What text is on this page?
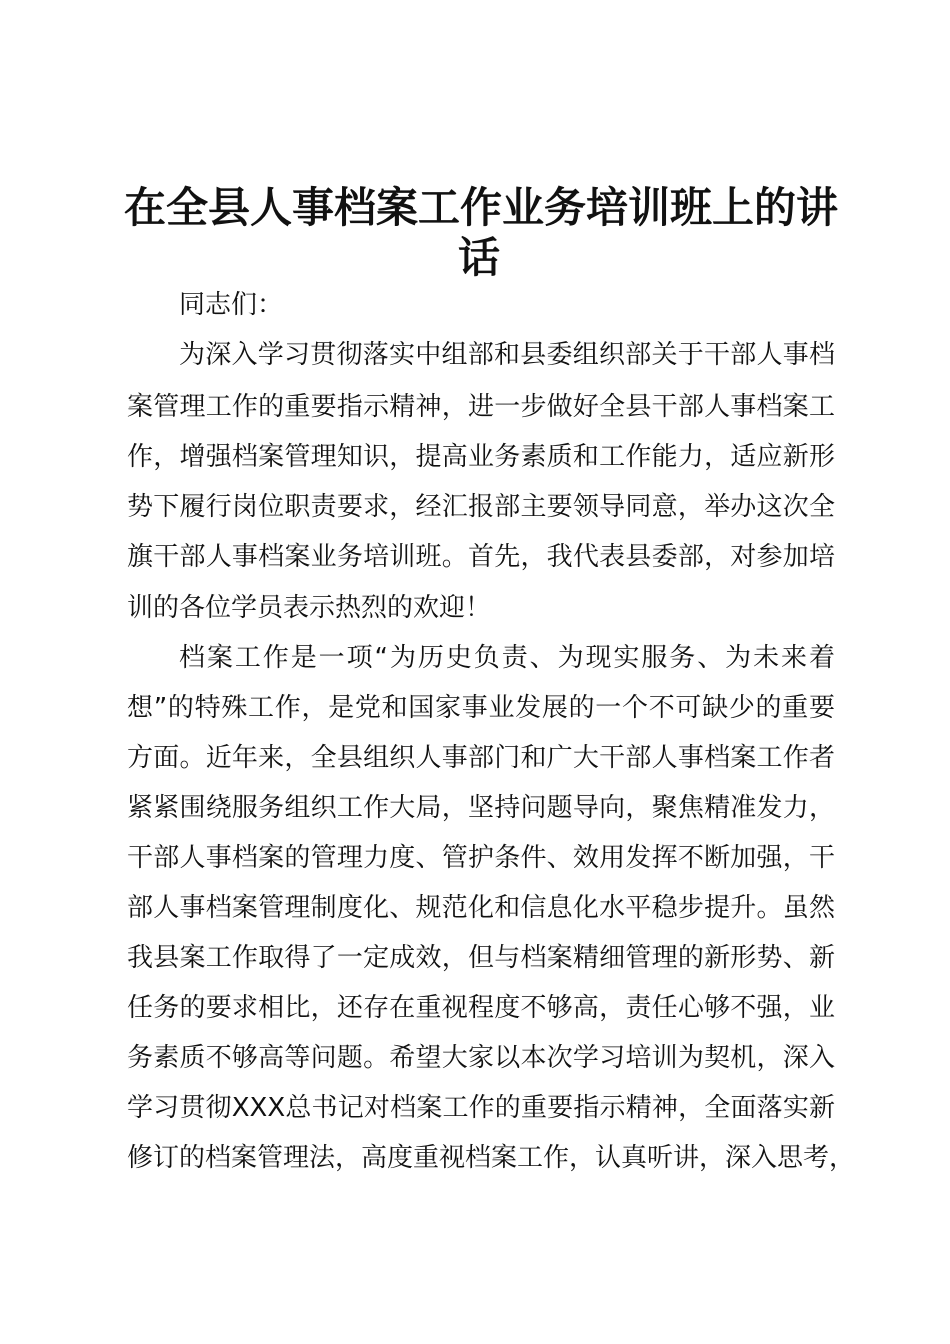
在全县人事档案工作业务培训班上的讲
话
同志们：
为深入学习贯彻落实中组部和县委组织部关于干部人事档
案管理工作的重要指示精神，进一步做好全县干部人事档案工
作，增强档案管理知识，提高业务素质和工作能力，适应新形
势下履行岗位职责要求，经汇报部主要领导同意，举办这次全
旗干部人事档案业务培训班。首先，我代表县委部，对参加培
训的各位学员表示热烈的欢迎！
档案工作是一项“为历史负责、为现实服务、为未来着
想”的特殊工作，是党和国家事业发展的一个不可缺少的重要
方面。近年来，全县组织人事部门和广大干部人事档案工作者
紧紧围绕服务组织工作大局，坚持问题导向，聚焦精准发力，
干部人事档案的管理力度、管护条件、效用发挥不断加强，干
部人事档案管理制度化、规范化和信息化水平稳步提升。虽然
我县案工作取得了一定成效，但与档案精细管理的新形势、新
任务的要求相比，还存在重视程度不够高，责任心够不强，业
务素质不够高等问题。希望大家以本次学习培训为契机，深入
学习贯彻XXX总书记对档案工作的重要指示精神，全面落实新
修订的档案管理法，高度重视档案工作，认真听讲，深入思考，
